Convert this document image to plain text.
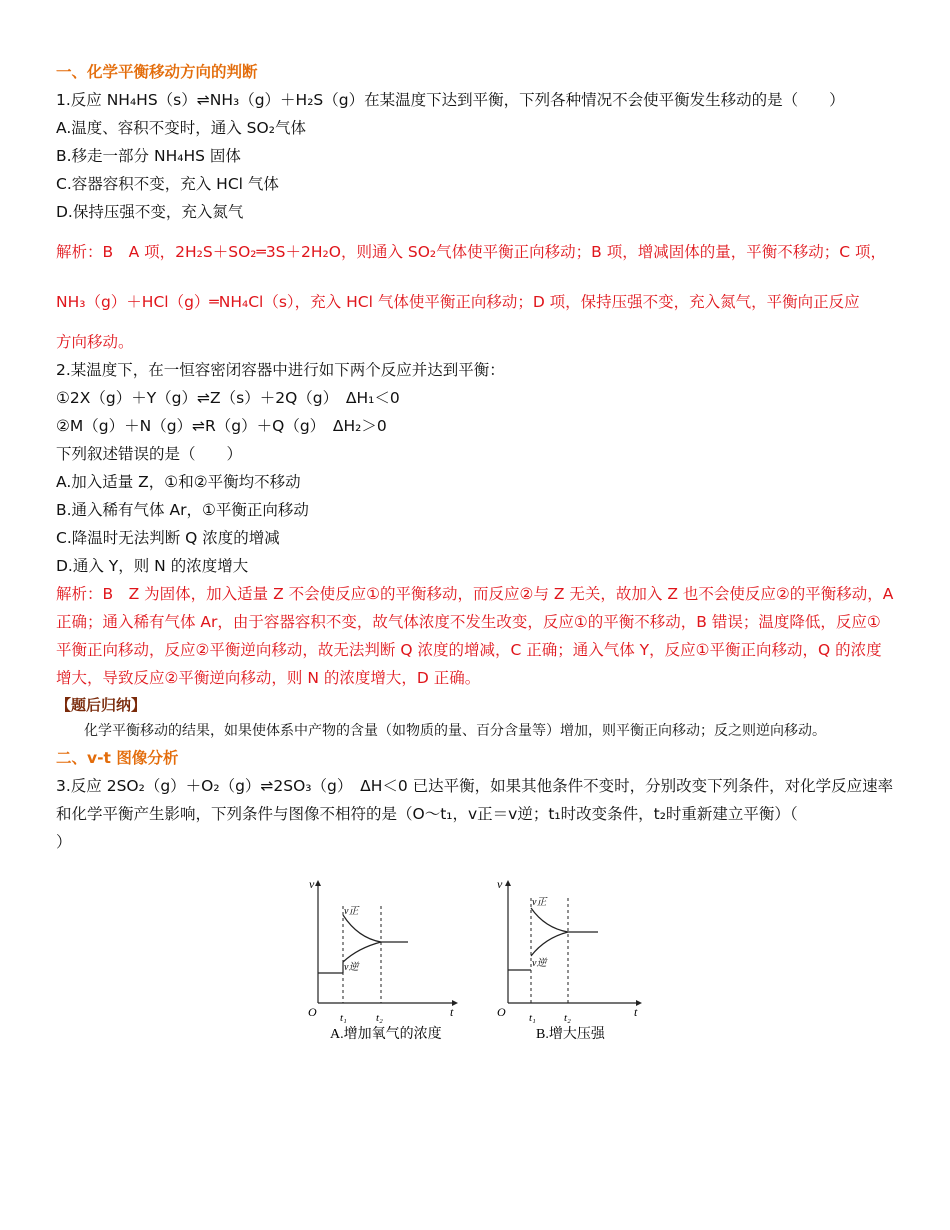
一、化学平衡移动方向的判断
1.反应 NH₄HS（s）⇌NH₃（g）＋H₂S（g）在某温度下达到平衡，下列各种情况不会使平衡发生移动的是（　　）
A.温度、容积不变时，通入 SO₂气体
B.移走一部分 NH₄HS 固体
C.容器容积不变，充入 HCl 气体
D.保持压强不变，充入氮气
解析：B　A 项，2H₂S＋SO₂═3S＋2H₂O，则通入 SO₂气体使平衡正向移动；B 项，增减固体的量，平衡不移动；C 项，
NH₃（g）＋HCl（g）═NH₄Cl（s），充入 HCl 气体使平衡正向移动；D 项，保持压强不变，充入氮气，平衡向正反应
方向移动。
2.某温度下，在一恒容密闭容器中进行如下两个反应并达到平衡：
①2X（g）＋Y（g）⇌Z（s）＋2Q（g）　ΔH₁＜0
②M（g）＋N（g）⇌R（g）＋Q（g）　ΔH₂＞0
下列叙述错误的是（　　）
A.加入适量 Z，①和②平衡均不移动
B.通入稀有气体 Ar，①平衡正向移动
C.降温时无法判断 Q 浓度的增减
D.通入 Y，则 N 的浓度增大
解析：B　Z 为固体，加入适量 Z 不会使反应①的平衡移动，而反应②与 Z 无关，故加入 Z 也不会使反应②的平衡移动，A 正确；通入稀有气体 Ar，由于容器容积不变，故气体浓度不发生改变，反应①的平衡不移动，B 错误；温度降低，反应①平衡正向移动，反应②平衡逆向移动，故无法判断 Q 浓度的增减，C 正确；通入气体 Y，反应①平衡正向移动，Q 的浓度增大，导致反应②平衡逆向移动，则 N 的浓度增大，D 正确。
【题后归纳】
化学平衡移动的结果，如果使体系中产物的含量（如物质的量、百分含量等）增加，则平衡正向移动；反之则逆向移动。
二、v-t 图像分析
3.反应 2SO₂（g）＋O₂（g）⇌2SO₃（g）　ΔH＜0 已达平衡，如果其他条件不变时，分别改变下列条件，对化学反应速率和化学平衡产生影响，下列条件与图像不相符的是（O～t₁，v正＝v逆；t₁时改变条件，t₂时重新建立平衡）（
）
v
t
O t₁	t₂
v正
v逆
A.增加氧气的浓度
v
t
O t₁	t₂
v正
v逆
B.增大压强
